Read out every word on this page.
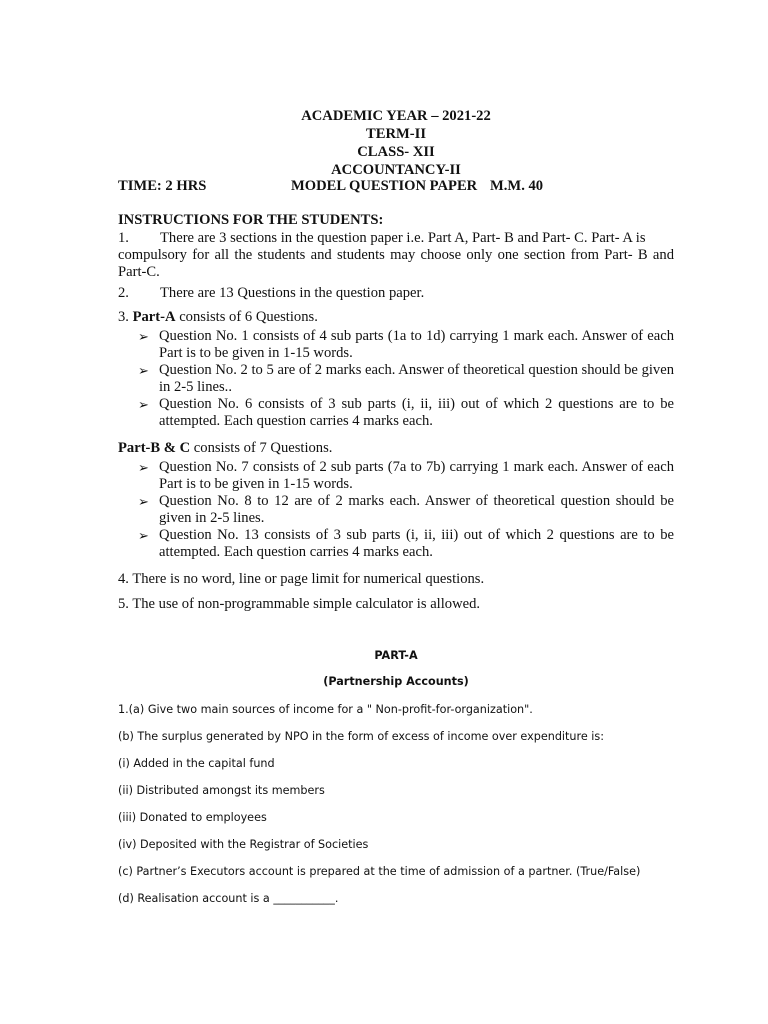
ACADEMIC YEAR – 2021-22
TERM-II
CLASS- XII
ACCOUNTANCY-II
TIME: 2 HRS	MODEL QUESTION PAPER M.M. 40
INSTRUCTIONS FOR THE STUDENTS:
1.	There are 3 sections in the question paper i.e. Part A, Part- B and Part- C. Part- A is
compulsory for all the students and students may choose only one section from Part- B and Part-C.
2.	There are 13 Questions in the question paper.
3. Part-A consists of 6 Questions.
➢ Question No. 1 consists of 4 sub parts (1a to 1d) carrying 1 mark each. Answer of each Part is to be given in 1-15 words.
➢ Question No. 2 to 5 are of 2 marks each. Answer of theoretical question should be given in 2-5 lines..
➢ Question No. 6 consists of 3 sub parts (i, ii, iii) out of which 2 questions are to be attempted. Each question carries 4 marks each.
Part-B & C consists of 7 Questions.
➢ Question No. 7 consists of 2 sub parts (7a to 7b) carrying 1 mark each. Answer of each Part is to be given in 1-15 words.
➢ Question No. 8 to 12 are of 2 marks each. Answer of theoretical question should be given in 2-5 lines.
➢ Question No. 13 consists of 3 sub parts (i, ii, iii) out of which 2 questions are to be attempted. Each question carries 4 marks each.
4. There is no word, line or page limit for numerical questions.
5. The use of non-programmable simple calculator is allowed.
PART-A
(Partnership Accounts)
1.(a) Give two main sources of income for a " Non-profit-for-organization".
(b) The surplus generated by NPO in the form of excess of income over expenditure is:
(i) Added in the capital fund
(ii) Distributed amongst its members
(iii) Donated to employees
(iv) Deposited with the Registrar of Societies
(c) Partner’s Executors account is prepared at the time of admission of a partner. (True/False)
(d) Realisation account is a ___________.
